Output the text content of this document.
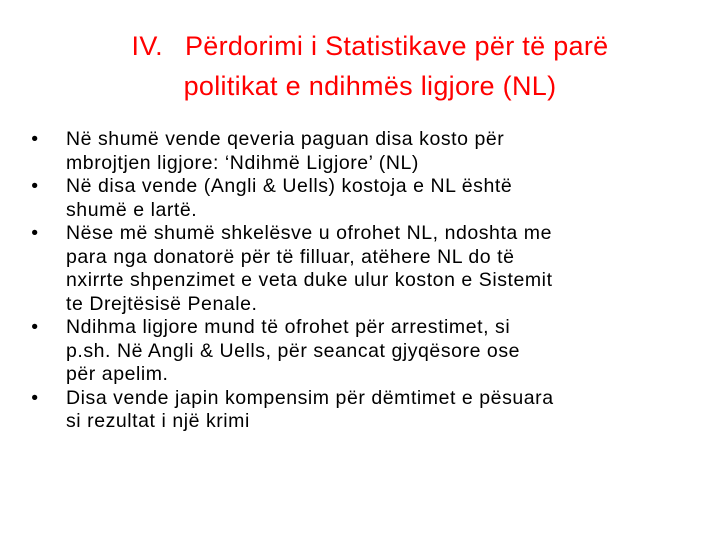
IV. Përdorimi i Statistikave për të parë
politikat e ndihmës ligjore (NL)
• Në shumë vende qeveria paguan disa kosto për
mbrojtjen ligjore: ‘Ndihmë Ligjore’ (NL)
• Në disa vende (Angli & Uells) kostoja e NL është
shumë e lartë.
• Nëse më shumë shkelësve u ofrohet NL, ndoshta me
para nga donatorë për të filluar, atëhere NL do të
nxirrte shpenzimet e veta duke ulur koston e Sistemit
te Drejtësisë Penale.
• Ndihma ligjore mund të ofrohet për arrestimet, si
p.sh. Në Angli & Uells, për seancat gjyqësore ose
për apelim.
• Disa vende japin kompensim për dëmtimet e pësuara
si rezultat i një krimi
